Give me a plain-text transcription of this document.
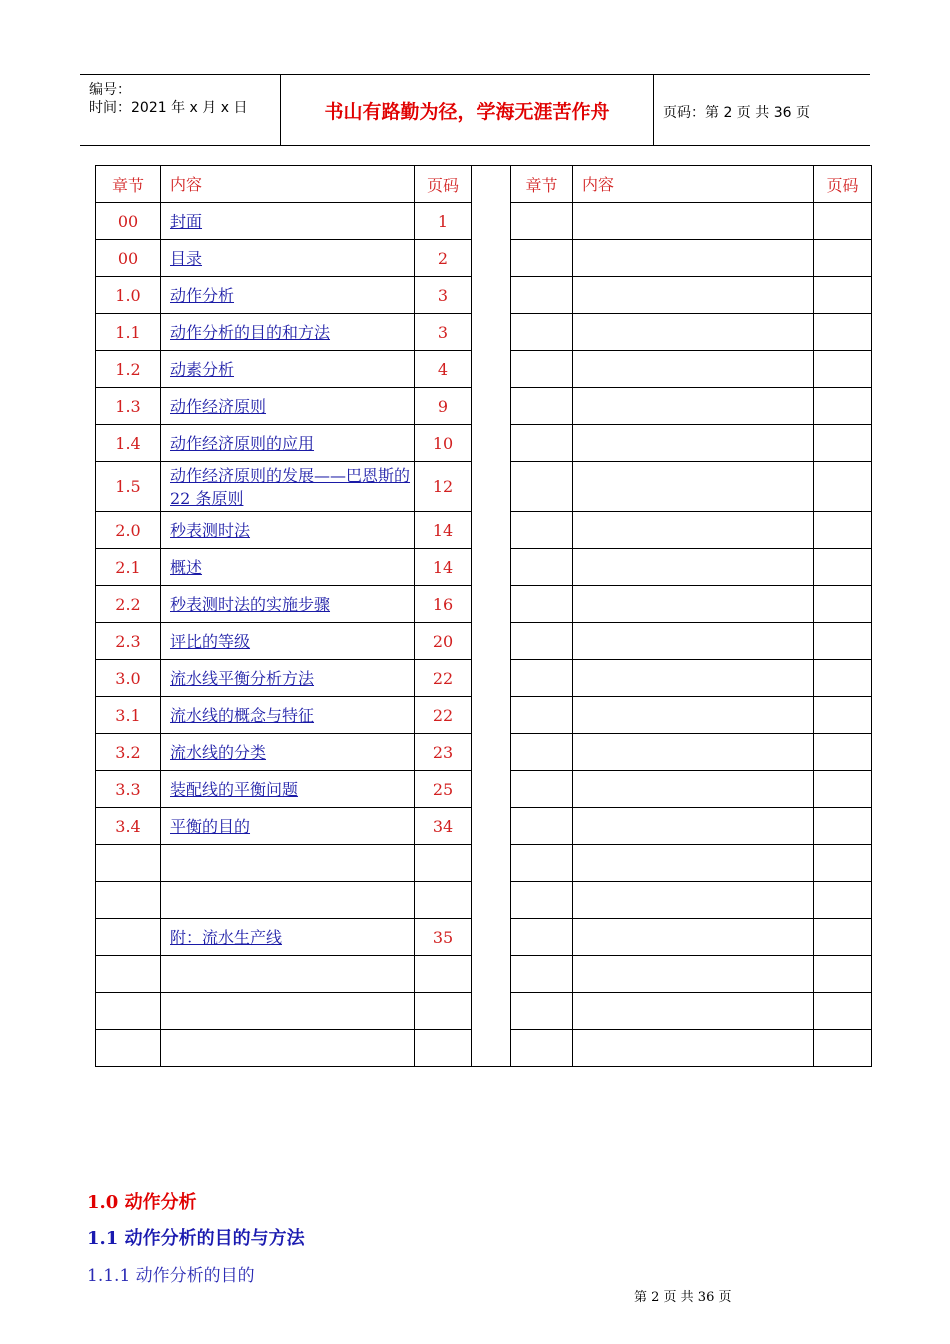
编号：
时间：2021 年 x 月 x 日	书山有路勤为径，学海无涯苦作舟	页码：第 2 页 共 36 页
章节	内容	页码		章节	内容	页码
00	封面	1				
00	目录	2				
1.0	动作分析	3				
1.1	动作分析的目的和方法	3				
1.2	动素分析	4				
1.3	动作经济原则	9				
1.4	动作经济原则的应用	10				
1.5	动作经济原则的发展——巴恩斯的 22 条原则	12				
2.0	秒表测时法	14				
2.1	概述	14				
2.2	秒表测时法的实施步骤	16				
2.3	评比的等级	20				
3.0	流水线平衡分析方法	22				
3.1	流水线的概念与特征	22				
3.2	流水线的分类	23				
3.3	装配线的平衡问题	25				
3.4	平衡的目的	34				

	附：流水生产线	35				

1.0 动作分析
1.1 动作分析的目的与方法
1.1.1 动作分析的目的
第 2 页 共 36 页
